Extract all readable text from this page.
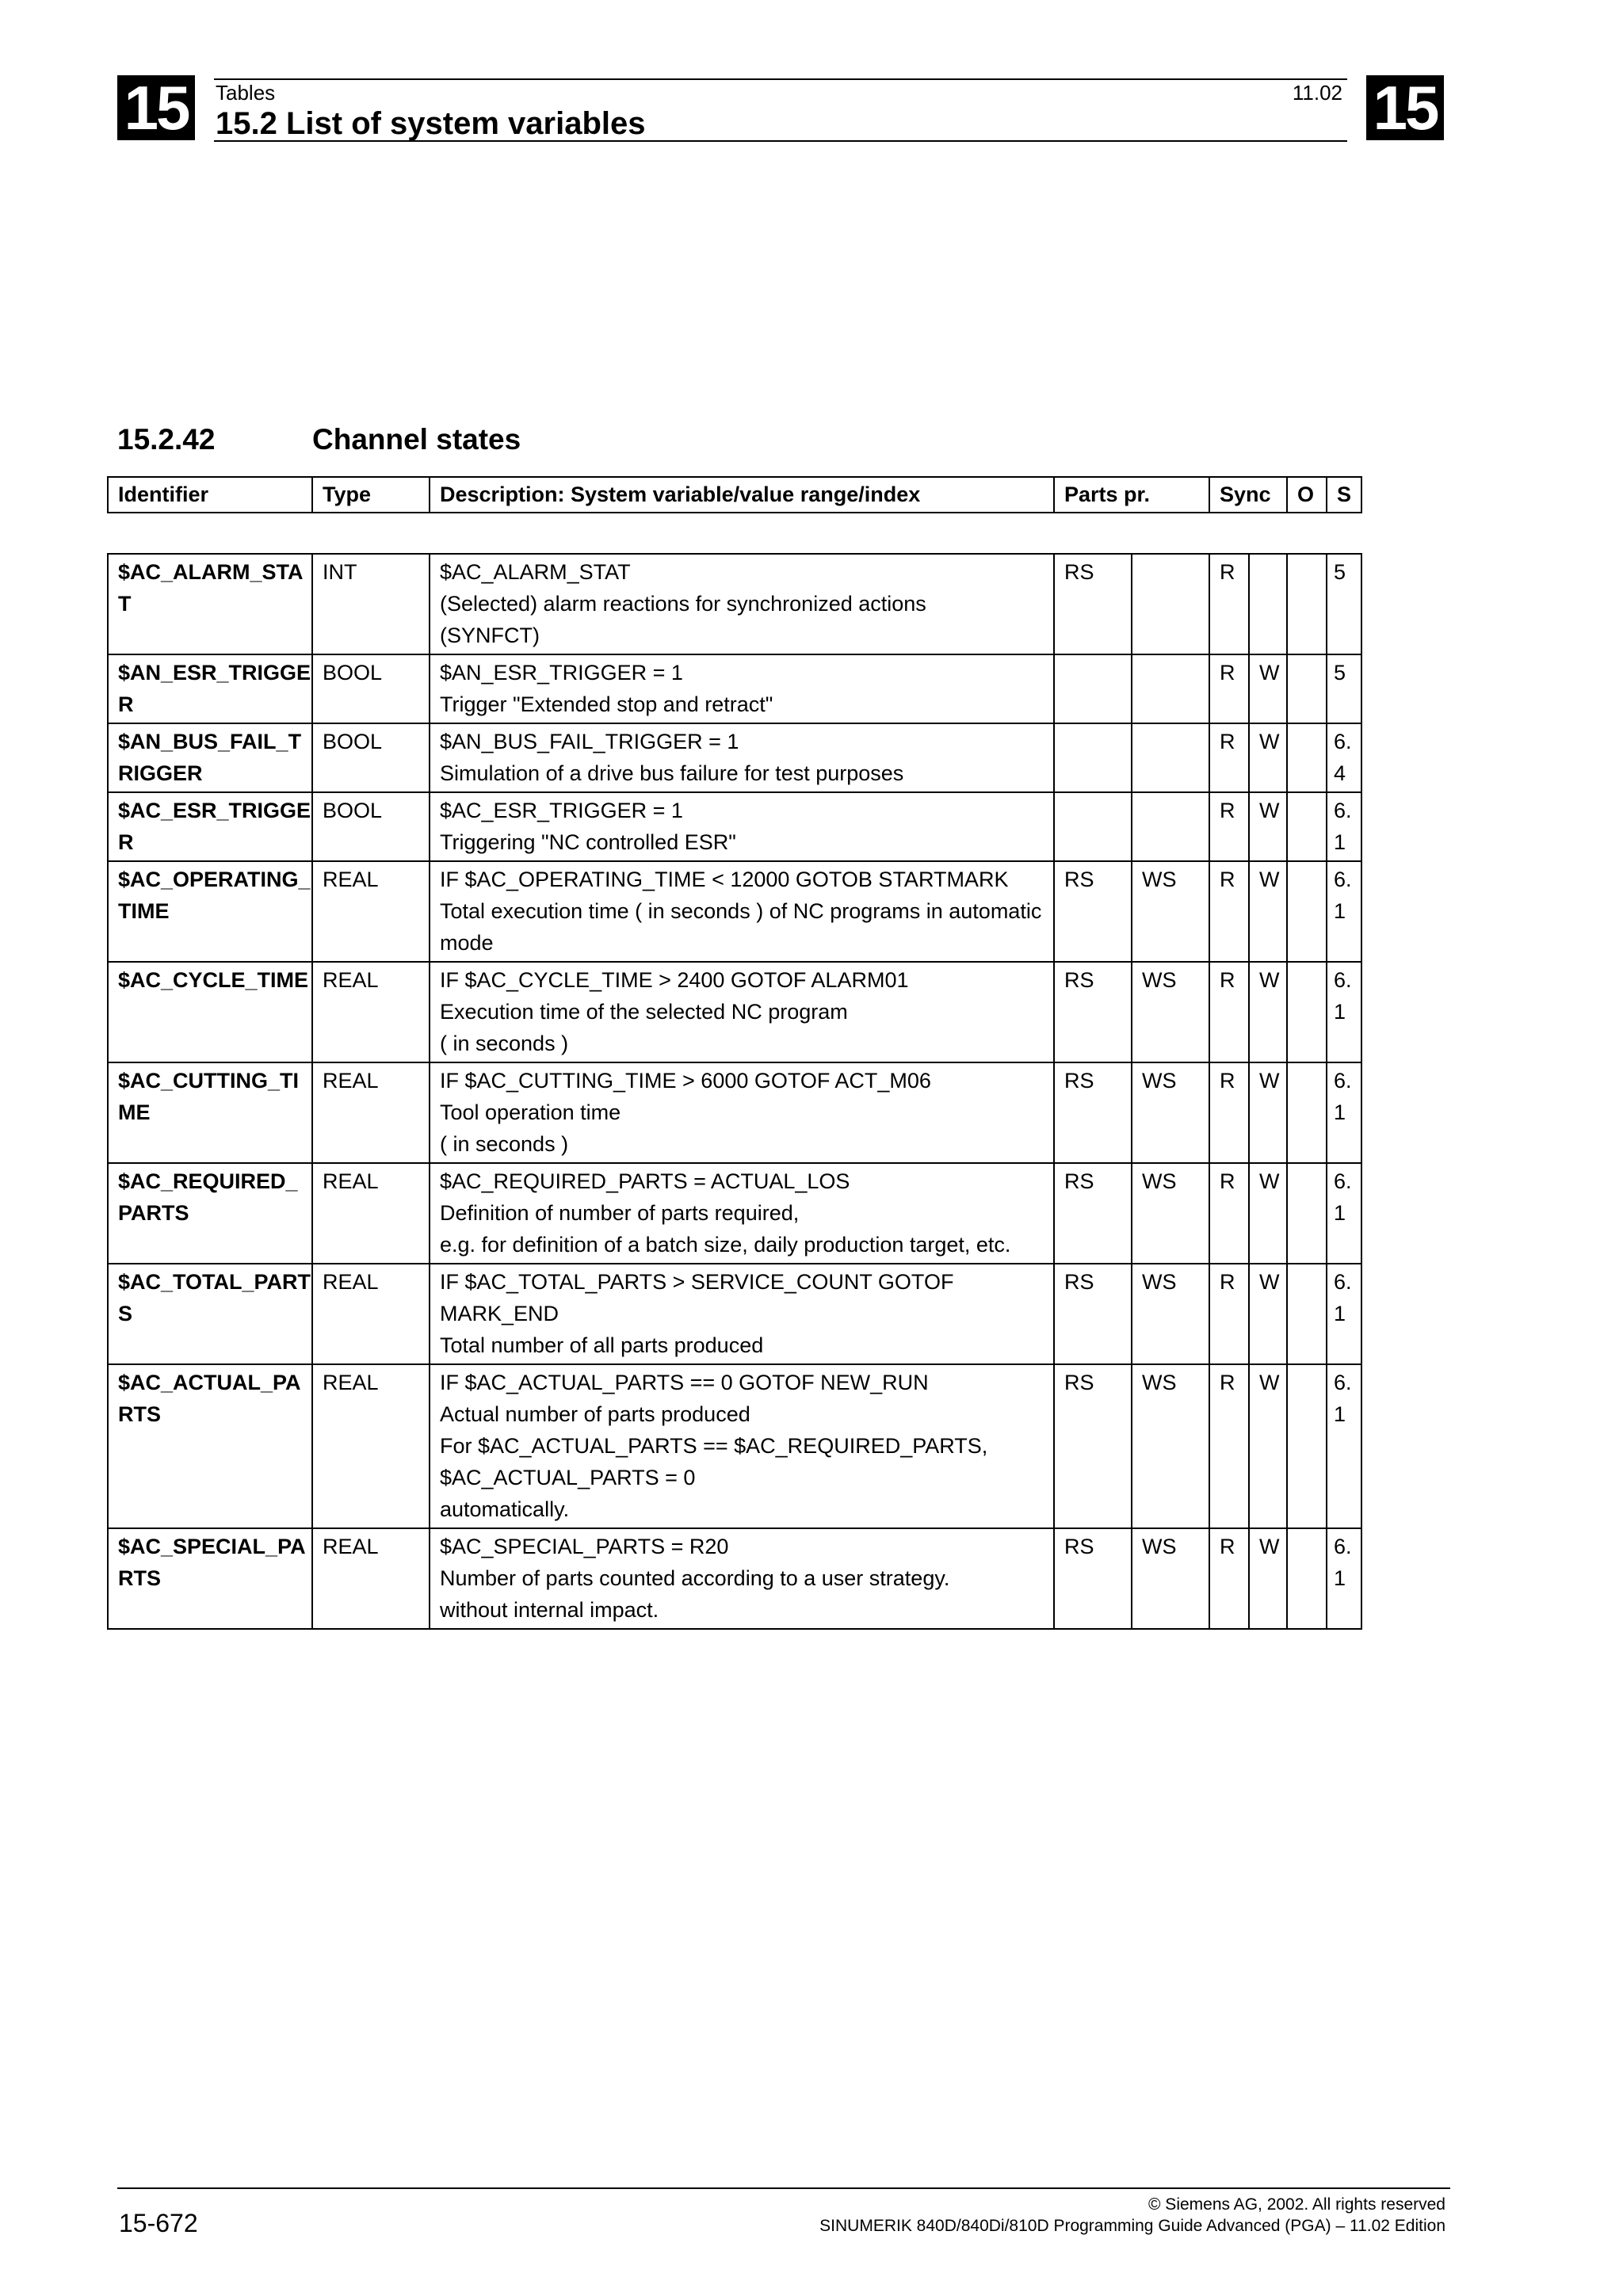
15	15
Tables	11.02
15.2 List of system variables
15.2.42	Channel states
Identifier	Type	Description: System variable/value range/index	Parts pr.	Sync	O	S
$AC_ALARM_STAT	INT	$AC_ALARM_STAT
(Selected) alarm reactions for synchronized actions
(SYNFCT)	RS		R			5
$AN_ESR_TRIGGER	BOOL	$AN_ESR_TRIGGER = 1
Trigger "Extended stop and retract"			R	W		5
$AN_BUS_FAIL_TRIGGER	BOOL	$AN_BUS_FAIL_TRIGGER = 1
Simulation of a drive bus failure for test purposes			R	W		6.4
$AC_ESR_TRIGGER	BOOL	$AC_ESR_TRIGGER = 1
Triggering "NC controlled ESR"			R	W		6.1
$AC_OPERATING_TIME	REAL	IF $AC_OPERATING_TIME < 12000 GOTOB STARTMARK
Total execution time ( in seconds ) of NC programs in automatic mode	RS	WS	R	W		6.1
$AC_CYCLE_TIME	REAL	IF $AC_CYCLE_TIME > 2400 GOTOF ALARM01
Execution time of the selected NC program
( in seconds )	RS	WS	R	W		6.1
$AC_CUTTING_TIME	REAL	IF $AC_CUTTING_TIME > 6000 GOTOF ACT_M06
Tool operation time
( in seconds )	RS	WS	R	W		6.1
$AC_REQUIRED_PARTS	REAL	$AC_REQUIRED_PARTS = ACTUAL_LOS
Definition of number of parts required,
e.g. for definition of a batch size, daily production target, etc.	RS	WS	R	W		6.1
$AC_TOTAL_PARTS	REAL	IF $AC_TOTAL_PARTS > SERVICE_COUNT GOTOF MARK_END
Total number of all parts produced	RS	WS	R	W		6.1
$AC_ACTUAL_PARTS	REAL	IF $AC_ACTUAL_PARTS == 0 GOTOF NEW_RUN
Actual number of parts produced
For $AC_ACTUAL_PARTS == $AC_REQUIRED_PARTS, $AC_ACTUAL_PARTS = 0
automatically.	RS	WS	R	W		6.1
$AC_SPECIAL_PARTS	REAL	$AC_SPECIAL_PARTS = R20
Number of parts counted according to a user strategy.
without internal impact.	RS	WS	R	W		6.1
15-672
© Siemens AG, 2002. All rights reserved
SINUMERIK 840D/840Di/810D Programming Guide Advanced (PGA) – 11.02 Edition
